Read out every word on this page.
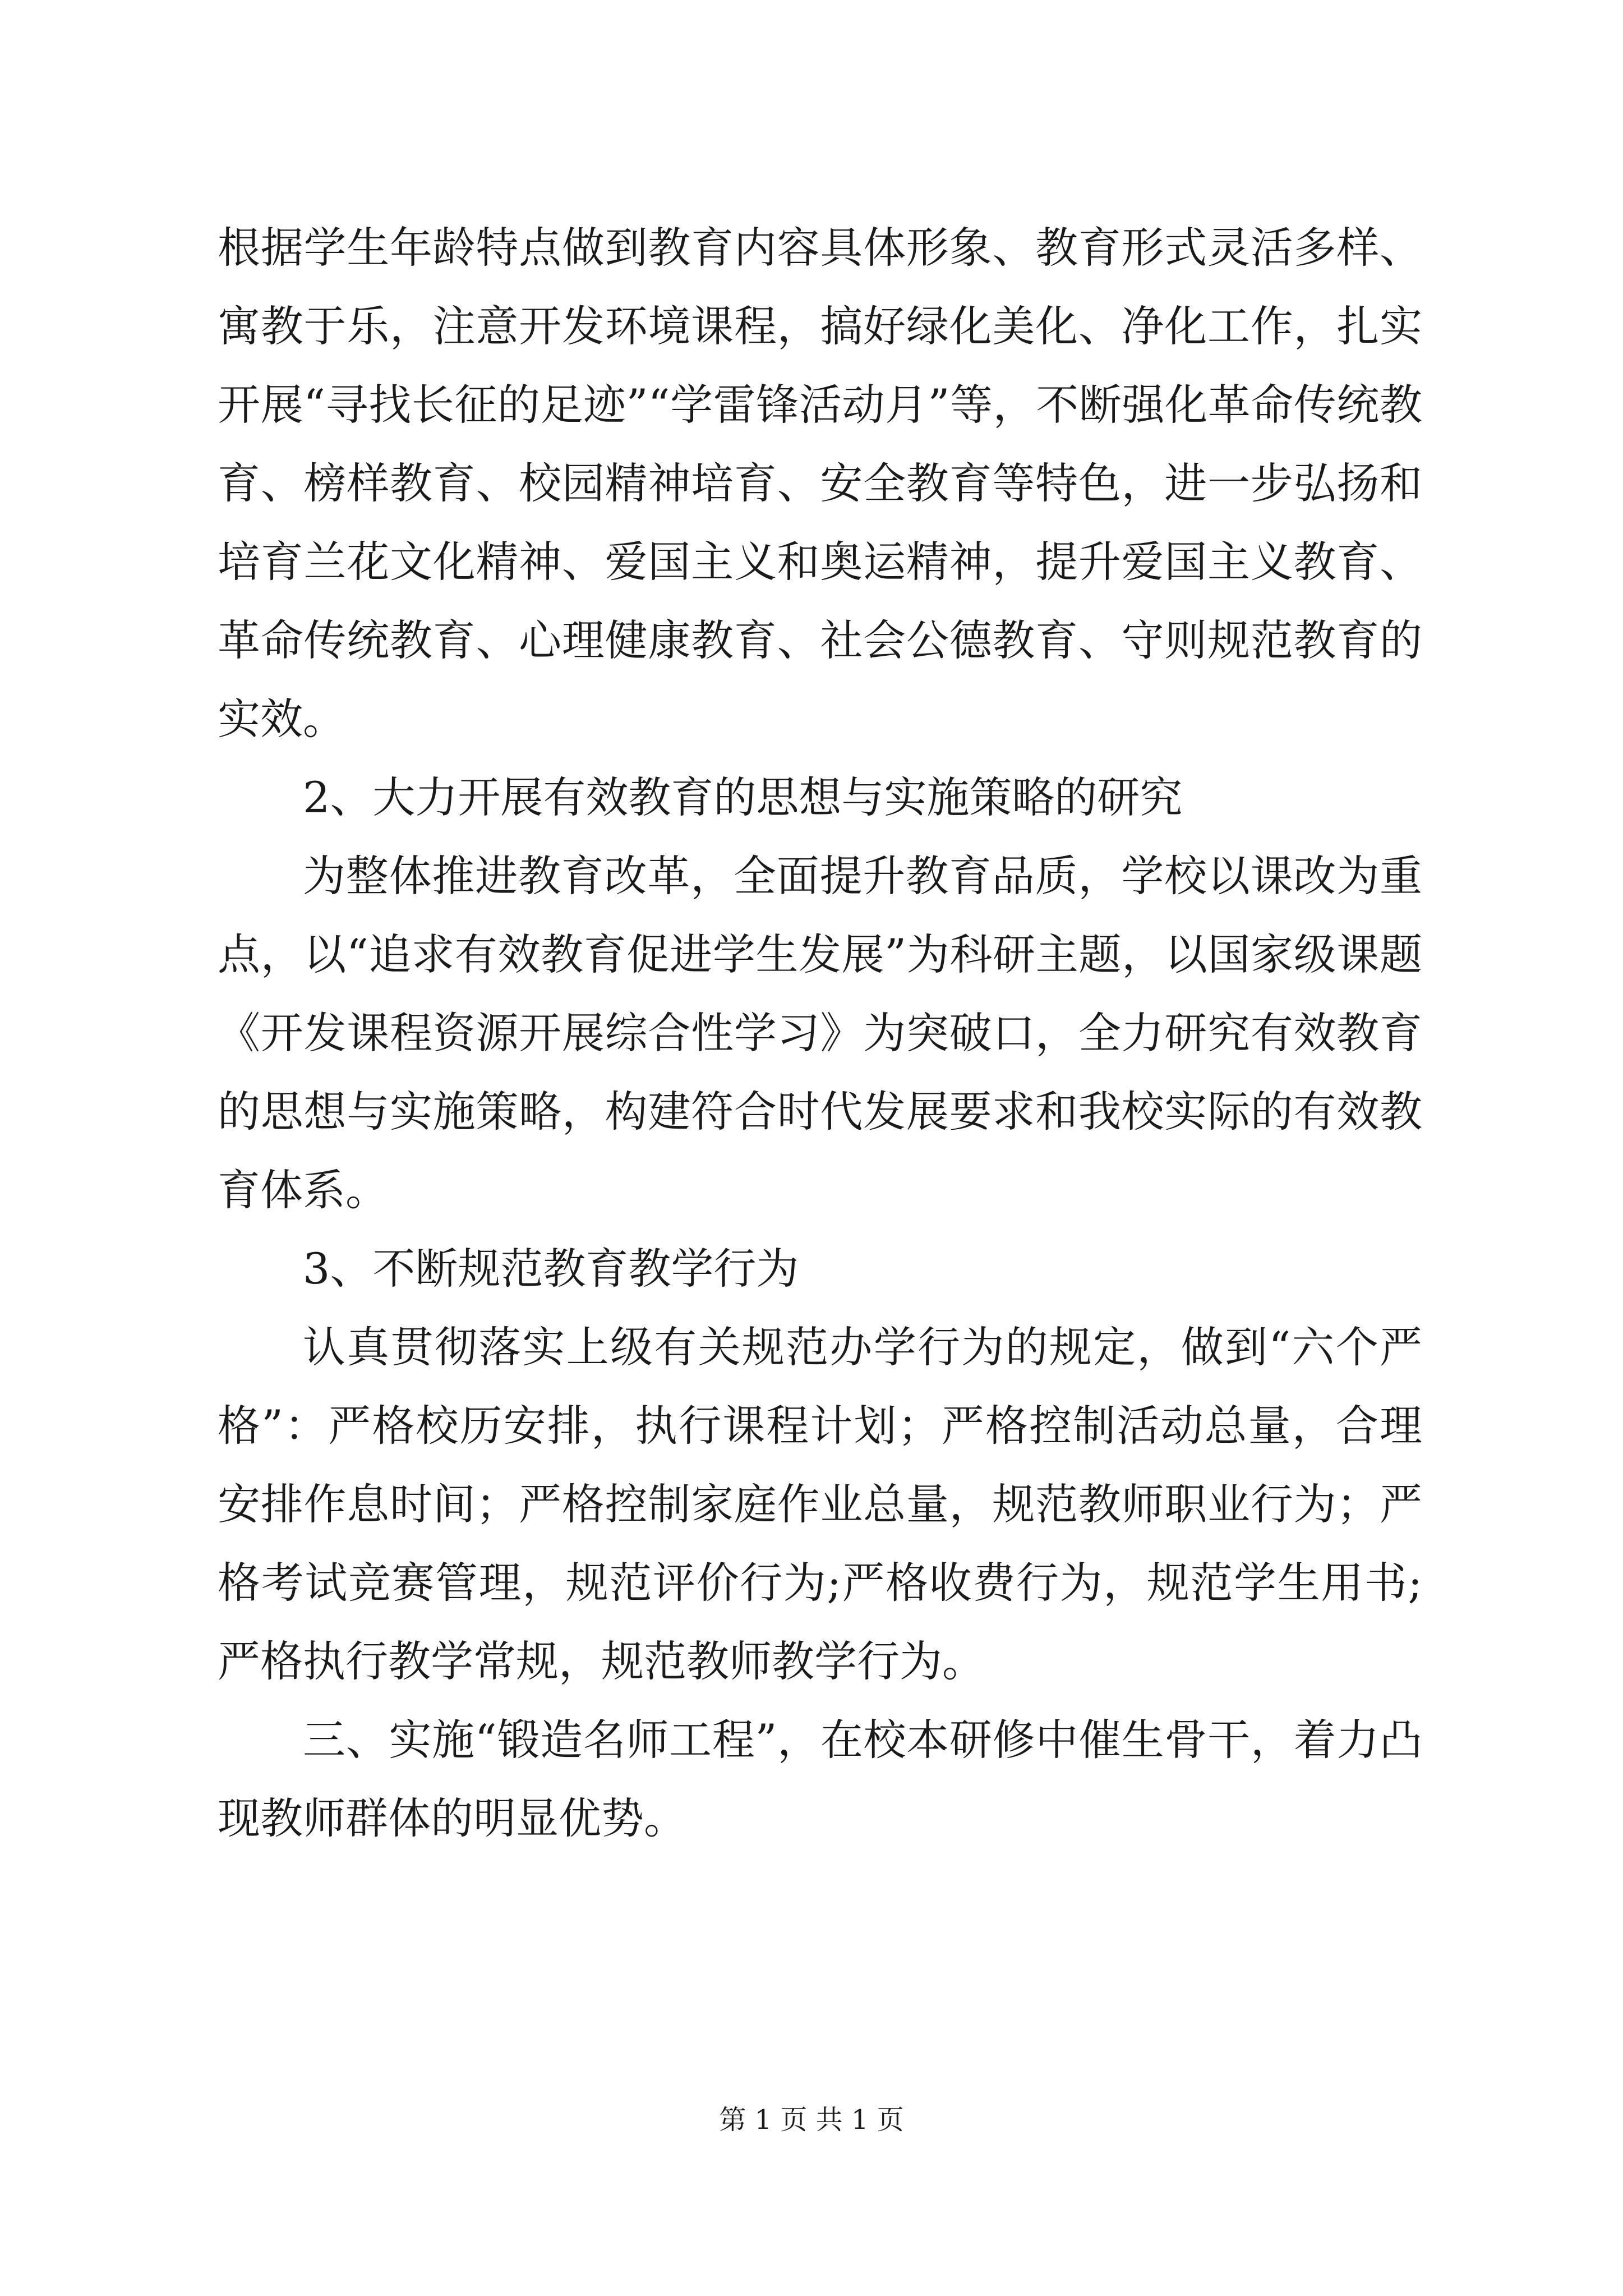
根据学生年龄特点做到教育内容具体形象、教育形式灵活多样、寓教于乐，注意开发环境课程，搞好绿化美化、净化工作，扎实开展“寻找长征的足迹”“学雷锋活动月”等，不断强化革命传统教育、榜样教育、校园精神培育、安全教育等特色，进一步弘扬和培育兰花文化精神、爱国主义和奥运精神，提升爱国主义教育、革命传统教育、心理健康教育、社会公德教育、守则规范教育的实效。

2、大力开展有效教育的思想与实施策略的研究

为整体推进教育改革，全面提升教育品质，学校以课改为重点，以“追求有效教育促进学生发展”为科研主题，以国家级课题《开发课程资源开展综合性学习》为突破口，全力研究有效教育的思想与实施策略，构建符合时代发展要求和我校实际的有效教育体系。

3、不断规范教育教学行为

认真贯彻落实上级有关规范办学行为的规定，做到“六个严格”：严格校历安排，执行课程计划；严格控制活动总量，合理安排作息时间；严格控制家庭作业总量，规范教师职业行为；严格考试竞赛管理，规范评价行为;严格收费行为，规范学生用书;严格执行教学常规，规范教师教学行为。

三、实施“锻造名师工程”，在校本研修中催生骨干，着力凸现教师群体的明显优势。

第 1 页 共 1 页
